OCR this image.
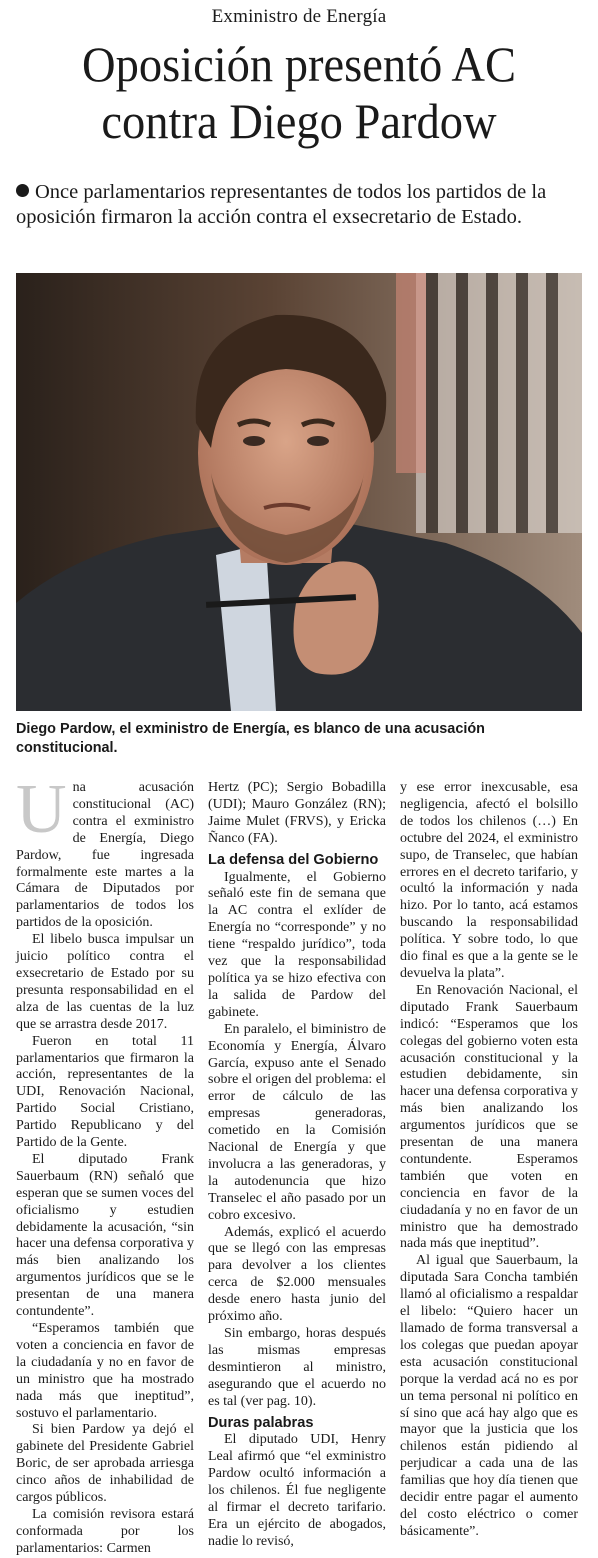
Exministro de Energía
Oposición presentó AC
contra Diego Pardow
Once parlamentarios representantes de todos los partidos de la oposición firmaron la acción contra el exsecretario de Estado.
Diego Pardow, el exministro de Energía, es blanco de una acusación constitucional.
U na acusación constitucional (AC) contra el exministro de Energía, Diego Pardow, fue ingresada formalmente este martes a la Cámara de Diputados por parlamentarios de todos los partidos de la oposición.

El libelo busca impulsar un juicio político contra el exsecretario de Estado por su presunta responsabilidad en el alza de las cuentas de la luz que se arrastra desde 2017.

Fueron en total 11 parlamentarios que firmaron la acción, representantes de la UDI, Renovación Nacional, Partido Social Cristiano, Partido Republicano y del Partido de la Gente.

El diputado Frank Sauerbaum (RN) señaló que esperan que se sumen voces del oficialismo y estudien debidamente la acusación, “sin hacer una defensa corporativa y más bien analizando los argumentos jurídicos que se le presentan de una manera contundente”.

“Esperamos también que voten a conciencia en favor de la ciudadanía y no en favor de un ministro que ha mostrado nada más que ineptitud”, sostuvo el parlamentario.

Si bien Pardow ya dejó el gabinete del Presidente Gabriel Boric, de ser aprobada arriesga cinco años de inhabilidad de cargos públicos.

La comisión revisora estará conformada por los parlamentarios: Carmen

Hertz (PC); Sergio Bobadilla (UDI); Mauro González (RN); Jaime Mulet (FRVS), y Ericka Ñanco (FA).

La defensa del Gobierno

Igualmente, el Gobierno señaló este fin de semana que la AC contra el exlíder de Energía no “corresponde” y no tiene “respaldo jurídico”, toda vez que la responsabilidad política ya se hizo efectiva con la salida de Pardow del gabinete.

En paralelo, el biministro de Economía y Energía, Álvaro García, expuso ante el Senado sobre el origen del problema: el error de cálculo de las empresas generadoras, cometido en la Comisión Nacional de Energía y que involucra a las generadoras, y la autodenuncia que hizo Transelec el año pasado por un cobro excesivo.

Además, explicó el acuerdo que se llegó con las empresas para devolver a los clientes cerca de $2.000 mensuales desde enero hasta junio del próximo año.

Sin embargo, horas después las mismas empresas desmintieron al ministro, asegurando que el acuerdo no es tal (ver pag. 10).

Duras palabras

El diputado UDI, Henry Leal afirmó que “el exministro Pardow ocultó información a los chilenos. Él fue negligente al firmar el decreto tarifario. Era un ejército de abogados, nadie lo revisó,

y ese error inexcusable, esa negligencia, afectó el bolsillo de todos los chilenos (…) En octubre del 2024, el exministro supo, de Transelec, que habían errores en el decreto tarifario, y ocultó la información y nada hizo. Por lo tanto, acá estamos buscando la responsabilidad política. Y sobre todo, lo que dio final es que a la gente se le devuelva la plata”.

En Renovación Nacional, el diputado Frank Sauerbaum indicó: “Esperamos que los colegas del gobierno voten esta acusación constitucional y la estudien debidamente, sin hacer una defensa corporativa y más bien analizando los argumentos jurídicos que se presentan de una manera contundente. Esperamos también que voten en conciencia en favor de la ciudadanía y no en favor de un ministro que ha demostrado nada más que ineptitud”.

Al igual que Sauerbaum, la diputada Sara Concha también llamó al oficialismo a respaldar el libelo: “Quiero hacer un llamado de forma transversal a los colegas que puedan apoyar esta acusación constitucional porque la verdad acá no es por un tema personal ni político en sí sino que acá hay algo que es mayor que la justicia que los chilenos están pidiendo al perjudicar a cada una de las familias que hoy día tienen que decidir entre pagar el aumento del costo eléctrico o comer básicamente”.
